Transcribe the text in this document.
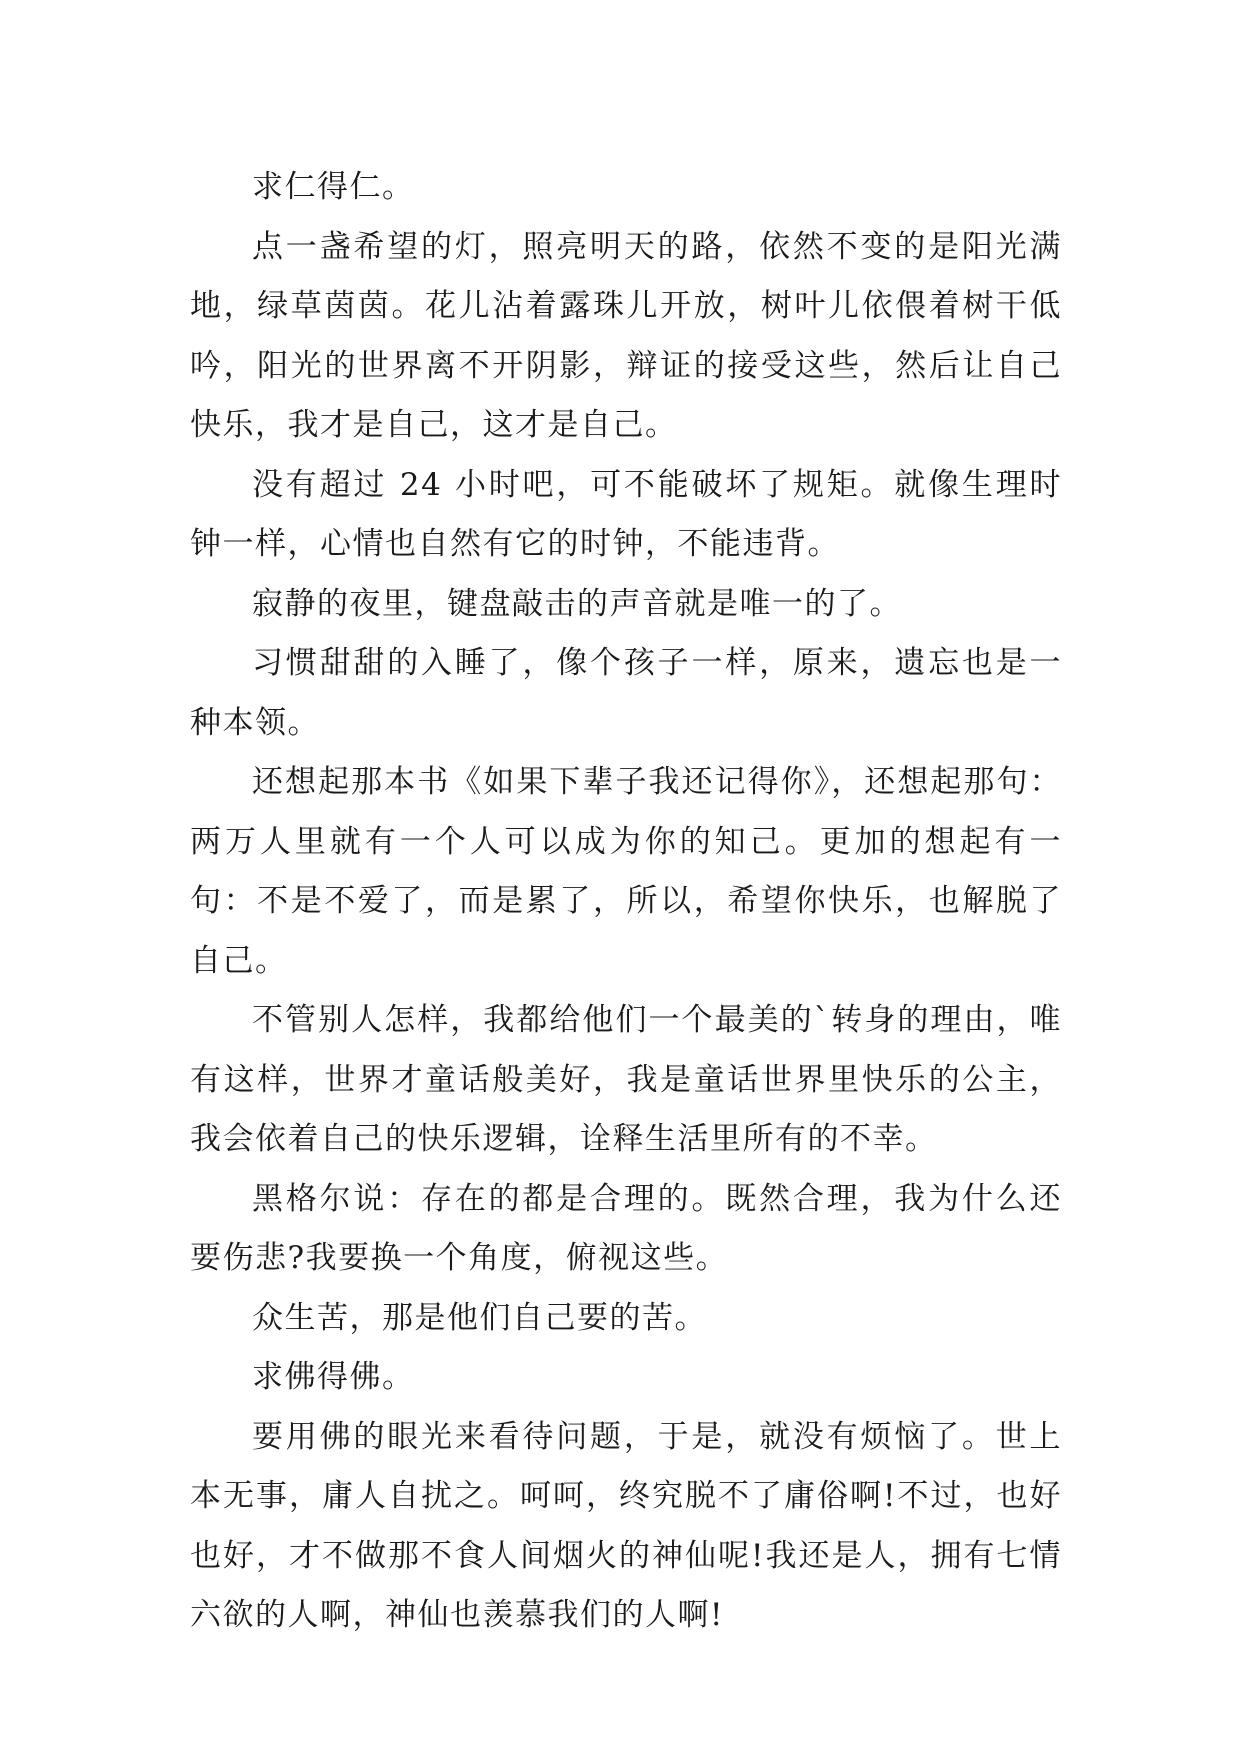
求仁得仁。

点一盏希望的灯，照亮明天的路，依然不变的是阳光满地，绿草茵茵。花儿沾着露珠儿开放，树叶儿依偎着树干低吟，阳光的世界离不开阴影，辩证的接受这些，然后让自己快乐，我才是自己，这才是自己。

没有超过 24 小时吧，可不能破坏了规矩。就像生理时钟一样，心情也自然有它的时钟，不能违背。

寂静的夜里，键盘敲击的声音就是唯一的了。

习惯甜甜的入睡了，像个孩子一样，原来，遗忘也是一种本领。

还想起那本书《如果下辈子我还记得你》，还想起那句：两万人里就有一个人可以成为你的知己。更加的想起有一句：不是不爱了，而是累了，所以，希望你快乐，也解脱了自己。

不管别人怎样，我都给他们一个最美的`转身的理由，唯有这样，世界才童话般美好，我是童话世界里快乐的公主，我会依着自己的快乐逻辑，诠释生活里所有的不幸。

黑格尔说：存在的都是合理的。既然合理，我为什么还要伤悲?我要换一个角度，俯视这些。

众生苦，那是他们自己要的苦。

求佛得佛。

要用佛的眼光来看待问题，于是，就没有烦恼了。世上本无事，庸人自扰之。呵呵，终究脱不了庸俗啊!不过，也好也好，才不做那不食人间烟火的神仙呢!我还是人，拥有七情六欲的人啊，神仙也羡慕我们的人啊!
